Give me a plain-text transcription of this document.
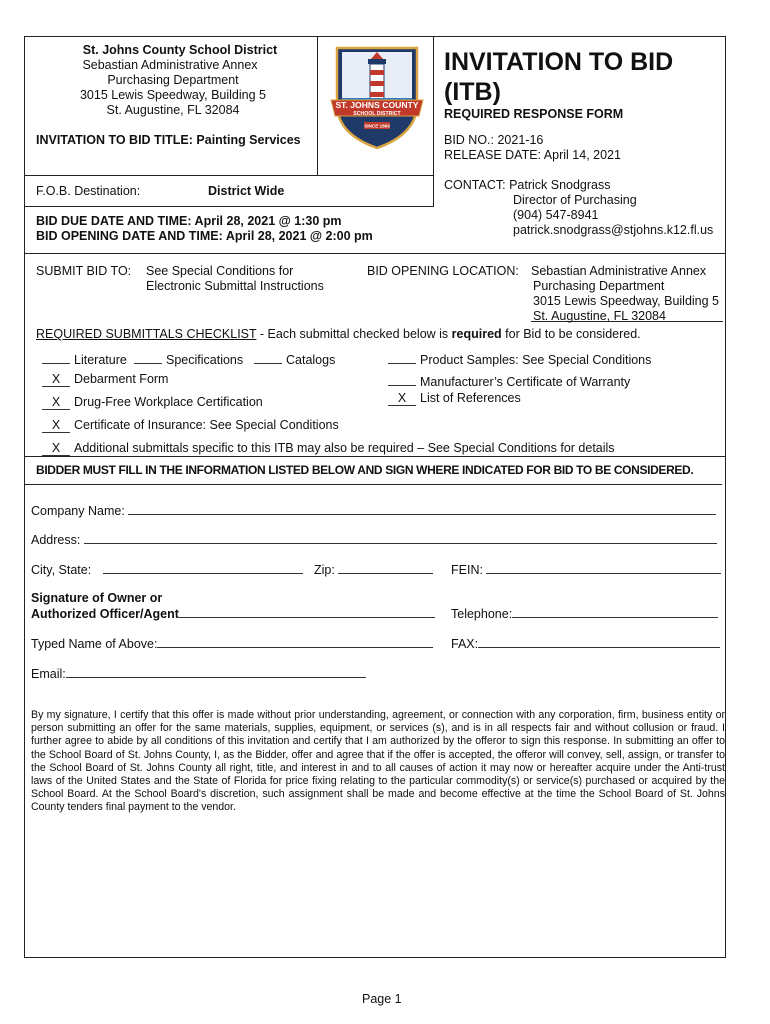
St. Johns County School District
Sebastian Administrative Annex
Purchasing Department
3015 Lewis Speedway, Building 5
St. Augustine, FL 32084
INVITATION TO BID TITLE: Painting Services
ST. JOHNS COUNTY
SCHOOL DISTRICT
SINCE 1869
INVITATION TO BID
(ITB)
REQUIRED RESPONSE FORM
BID NO.: 2021-16
RELEASE DATE: April 14, 2021
F.O.B. Destination:	District Wide	CONTACT: Patrick Snodgrass
Director of Purchasing
(904) 547-8941
patrick.snodgrass@stjohns.k12.fl.us
BID DUE DATE AND TIME: April 28, 2021 @ 1:30 pm
BID OPENING DATE AND TIME: April 28, 2021 @ 2:00 pm
SUBMIT BID TO: See Special Conditions for
Electronic Submittal Instructions
BID OPENING LOCATION: Sebastian Administrative Annex
Purchasing Department
3015 Lewis Speedway, Building 5
St. Augustine, FL 32084
REQUIRED SUBMITTALS CHECKLIST - Each submittal checked below is required for Bid to be considered.
Literature	Specifications	Catalogs	Product Samples: See Special Conditions
X Debarment Form	Manufacturer’s Certificate of Warranty
X Drug-Free Workplace Certification	X List of References
X Certificate of Insurance: See Special Conditions
X Additional submittals specific to this ITB may also be required – See Special Conditions for details
BIDDER MUST FILL IN THE INFORMATION LISTED BELOW AND SIGN WHERE INDICATED FOR BID TO BE CONSIDERED.
Company Name:
Address:
City, State:	Zip:	FEIN:
Signature of Owner or
Authorized Officer/Agent	Telephone:
Typed Name of Above:	FAX:
Email:
By my signature, I certify that this offer is made without prior understanding, agreement, or connection with any corporation, firm, business entity or person submitting an offer for the same materials, supplies, equipment, or services (s), and is in all respects fair and without collusion or fraud. I further agree to abide by all conditions of this invitation and certify that I am authorized by the offeror to sign this response. In submitting an offer to the School Board of St. Johns County, I, as the Bidder, offer and agree that if the offer is accepted, the offeror will convey, sell, assign, or transfer to the School Board of St. Johns County all right, title, and interest in and to all causes of action it may now or hereafter acquire under the Anti-trust laws of the United States and the State of Florida for price fixing relating to the particular commodity(s) or service(s) purchased or acquired by the School Board. At the School Board's discretion, such assignment shall be made and become effective at the time the School Board of St. Johns County tenders final payment to the vendor.
Page 1
